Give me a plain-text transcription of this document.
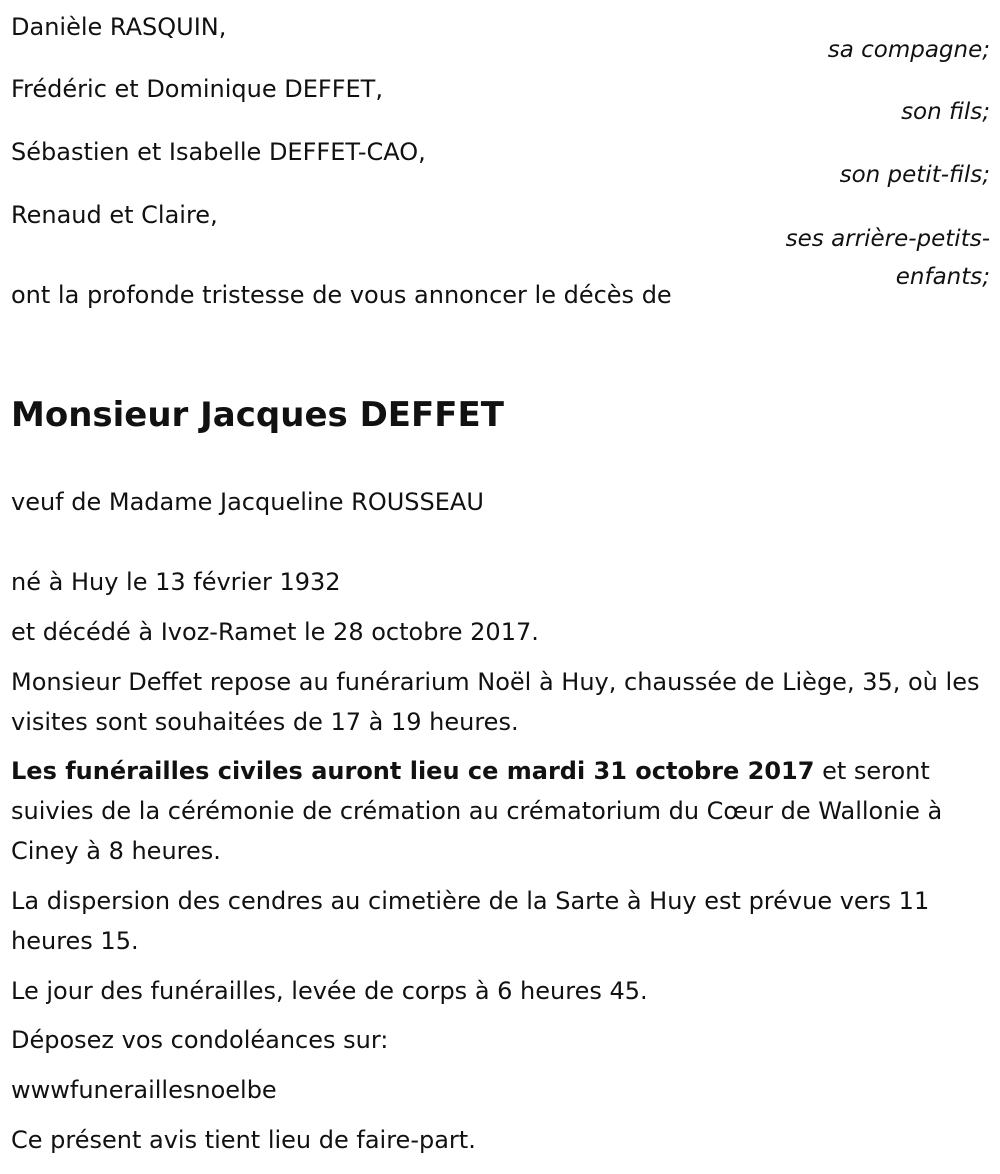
Danièle RASQUIN,
sa compagne;
Frédéric et Dominique DEFFET,
son fils;
Sébastien et Isabelle DEFFET-CAO,
son petit-fils;
Renaud et Claire,
ses arrière-petits-enfants;
ont la profonde tristesse de vous annoncer le décès de
Monsieur Jacques DEFFET
veuf de Madame Jacqueline ROUSSEAU
né à Huy le 13 février 1932
et décédé à Ivoz-Ramet le 28 octobre 2017.
Monsieur Deffet repose au funérarium Noël à Huy, chaussée de Liège, 35, où les visites sont souhaitées de 17 à 19 heures.
Les funérailles civiles auront lieu ce mardi 31 octobre 2017 et seront suivies de la cérémonie de crémation au crématorium du Cœur de Wallonie à Ciney à 8 heures.
La dispersion des cendres au cimetière de la Sarte à Huy est prévue vers 11 heures 15.
Le jour des funérailles, levée de corps à 6 heures 45.
Déposez vos condoléances sur:
wwwfuneraillesnoelbe
Ce présent avis tient lieu de faire-part.
